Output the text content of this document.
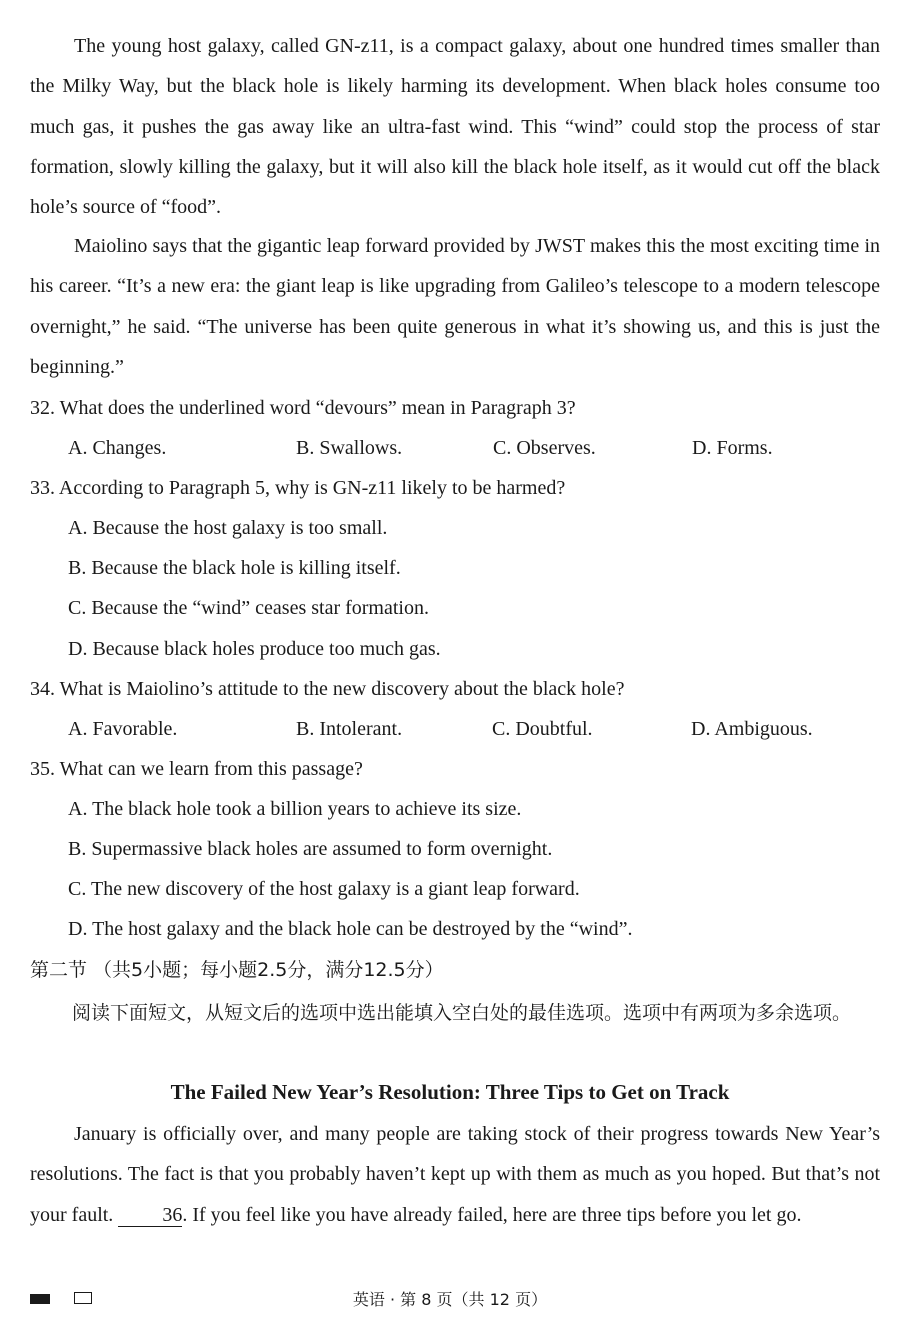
The young host galaxy, called GN-z11, is a compact galaxy, about one hundred times smaller than the Milky Way, but the black hole is likely harming its development. When black holes consume too much gas, it pushes the gas away like an ultra-fast wind. This “wind” could stop the process of star formation, slowly killing the galaxy, but it will also kill the black hole itself, as it would cut off the black hole’s source of “food”.

Maiolino says that the gigantic leap forward provided by JWST makes this the most exciting time in his career. “It’s a new era: the giant leap is like upgrading from Galileo’s telescope to a modern telescope overnight,” he said. “The universe has been quite generous in what it’s showing us, and this is just the beginning.”

32. What does the underlined word “devours” mean in Paragraph 3?

A. Changes.	B. Swallows.	C. Observes.	D. Forms.

33. According to Paragraph 5, why is GN-z11 likely to be harmed?

A. Because the host galaxy is too small.

B. Because the black hole is killing itself.

C. Because the “wind” ceases star formation.

D. Because black holes produce too much gas.

34. What is Maiolino’s attitude to the new discovery about the black hole?

A. Favorable.	B. Intolerant.	C. Doubtful.	D. Ambiguous.

35. What can we learn from this passage?

A. The black hole took a billion years to achieve its size.

B. Supermassive black holes are assumed to form overnight.

C. The new discovery of the host galaxy is a giant leap forward.

D. The host galaxy and the black hole can be destroyed by the “wind”.

第二节 （共5小题；每小题2.5分，满分12.5分）

阅读下面短文，从短文后的选项中选出能填入空白处的最佳选项。选项中有两项为多余选项。

The Failed New Year’s Resolution: Three Tips to Get on Track

January is officially over, and many people are taking stock of their progress towards New Year’s resolutions. The fact is that you probably haven’t kept up with them as much as you hoped. But that’s not your fault. 36. If you feel like you have already failed, here are three tips before you let go.

英语 · 第 8 页（共 12 页）
